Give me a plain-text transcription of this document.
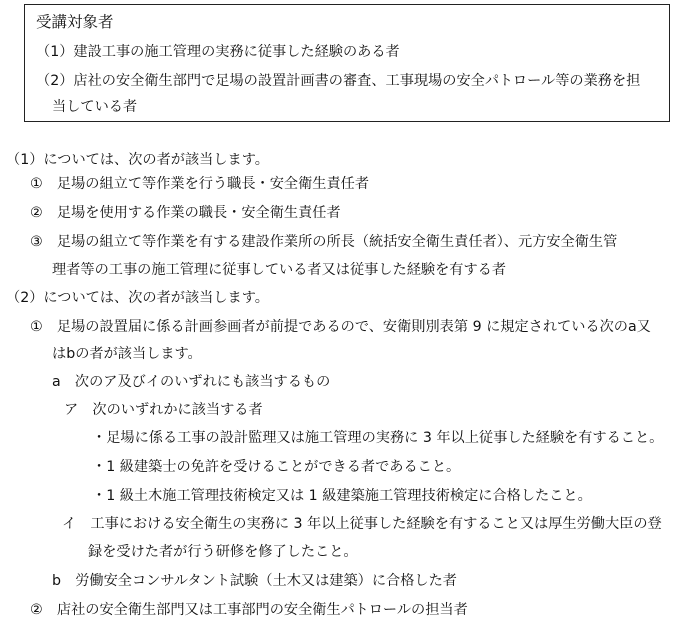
受講対象者
（1）建設工事の施工管理の実務に従事した経験のある者
（2）店社の安全衛生部門で足場の設置計画書の審査、工事現場の安全パトロール等の業務を担
当している者
（1）については、次の者が該当します。
①　足場の組立て等作業を行う職長・安全衛生責任者
②　足場を使用する作業の職長・安全衛生責任者
③　足場の組立て等作業を有する建設作業所の所長（統括安全衛生責任者）、元方安全衛生管
理者等の工事の施工管理に従事している者又は従事した経験を有する者
（2）については、次の者が該当します。
①　足場の設置届に係る計画参画者が前提であるので、安衛則別表第 9 に規定されている次のa又
はbの者が該当します。
a　次のア及びイのいずれにも該当するもの
ア　次のいずれかに該当する者
・足場に係る工事の設計監理又は施工管理の実務に 3 年以上従事した経験を有すること。
・1 級建築士の免許を受けることができる者であること。
・1 級土木施工管理技術検定又は 1 級建築施工管理技術検定に合格したこと。
イ　工事における安全衛生の実務に 3 年以上従事した経験を有すること又は厚生労働大臣の登
録を受けた者が行う研修を修了したこと。
b　労働安全コンサルタント試験（土木又は建築）に合格した者
②　店社の安全衛生部門又は工事部門の安全衛生パトロールの担当者
